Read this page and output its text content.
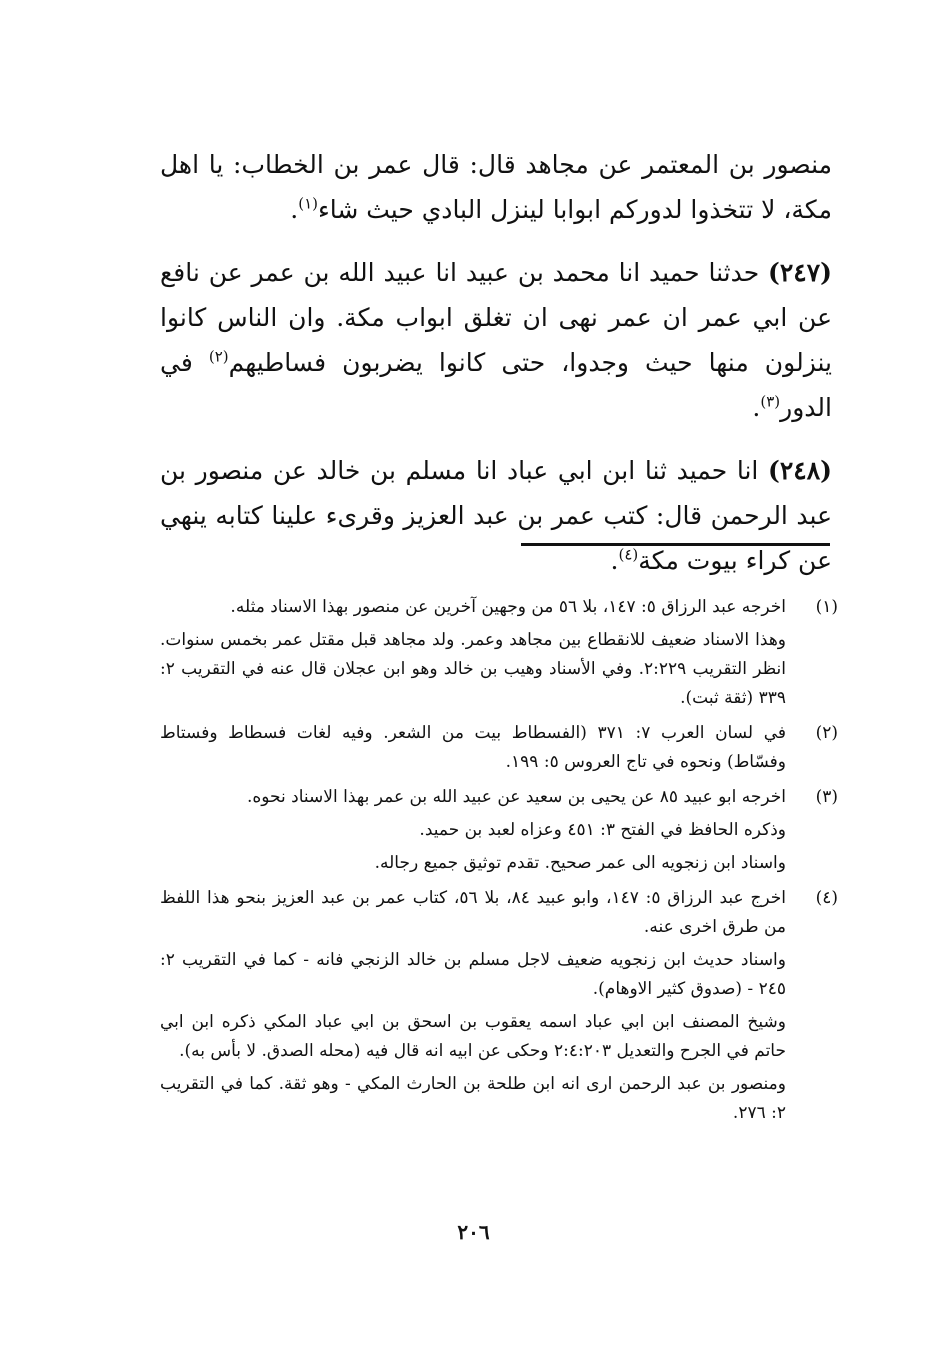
منصور بن المعتمر عن مجاهد قال: قال عمر بن الخطاب: يا اهل مكة، لا تتخذوا لدوركم ابوابا لينزل البادي حيث شاء$^{(١)}$.

(٢٤٧) حدثنا حميد انا محمد بن عبيد انا عبيد الله بن عمر عن نافع عن ابي عمر ان عمر نهى ان تغلق ابواب مكة. وان الناس كانوا ينزلون منها حيث وجدوا، حتى كانوا يضربون فساطيهم$^{(٢)}$ في الدور$^{(٣)}$.

(٢٤٨) انا حميد ثنا ابن ابي عباد انا مسلم بن خالد عن منصور بن عبد الرحمن قال: كتب عمر بن عبد العزيز وقرىء علينا كتابه ينهي عن كراء بيوت مكة$^{(٤)}$.

(١)

اخرجه عبد الرزاق ٥: ١٤٧، بلا ٥٦ من وجهين آخرين عن منصور بهذا الاسناد مثله.

وهذا الاسناد ضعيف للانقطاع بين مجاهد وعمر. ولد مجاهد قبل مقتل عمر بخمس سنوات. انظر التقريب ٢:٢٢٩. وفي الأسناد وهيب بن خالد وهو ابن عجلان قال عنه في التقريب ٢: ٣٣٩ (ثقة ثبت).

(٢)

في لسان العرب ٧: ٣٧١ (الفسطاط بيت من الشعر. وفيه لغات فسطاط وفستاط وفسّاط) ونحوه في تاج العروس ٥: ١٩٩.

(٣)

اخرجه ابو عبيد ٨٥ عن يحيى بن سعيد عن عبيد الله بن عمر بهذا الاسناد نحوه.

وذكره الحافظ في الفتح ٣: ٤٥١ وعزاه لعبد بن حميد.

واسناد ابن زنجويه الى عمر صحيح. تقدم توثيق جميع رجاله.

(٤)

اخرج عبد الرزاق ٥: ١٤٧، وابو عبيد ٨٤، بلا ٥٦، كتاب عمر بن عبد العزيز بنحو هذا اللفظ من طرق اخرى عنه.

واسناد حديث ابن زنجويه ضعيف لاجل مسلم بن خالد الزنجي فانه - كما في التقريب ٢: ٢٤٥ - (صدوق كثير الاوهام).

وشيخ المصنف ابن ابي عباد اسمه يعقوب بن اسحق بن ابي عباد المكي ذكره ابن ابي حاتم في الجرح والتعديل ٢:٤:٢٠٣ وحكى عن ابيه انه قال فيه (محله الصدق. لا بأس به).

ومنصور بن عبد الرحمن ارى انه ابن طلحة بن الحارث المكي - وهو ثقة. كما في التقريب ٢: ٢٧٦.

٢٠٦
